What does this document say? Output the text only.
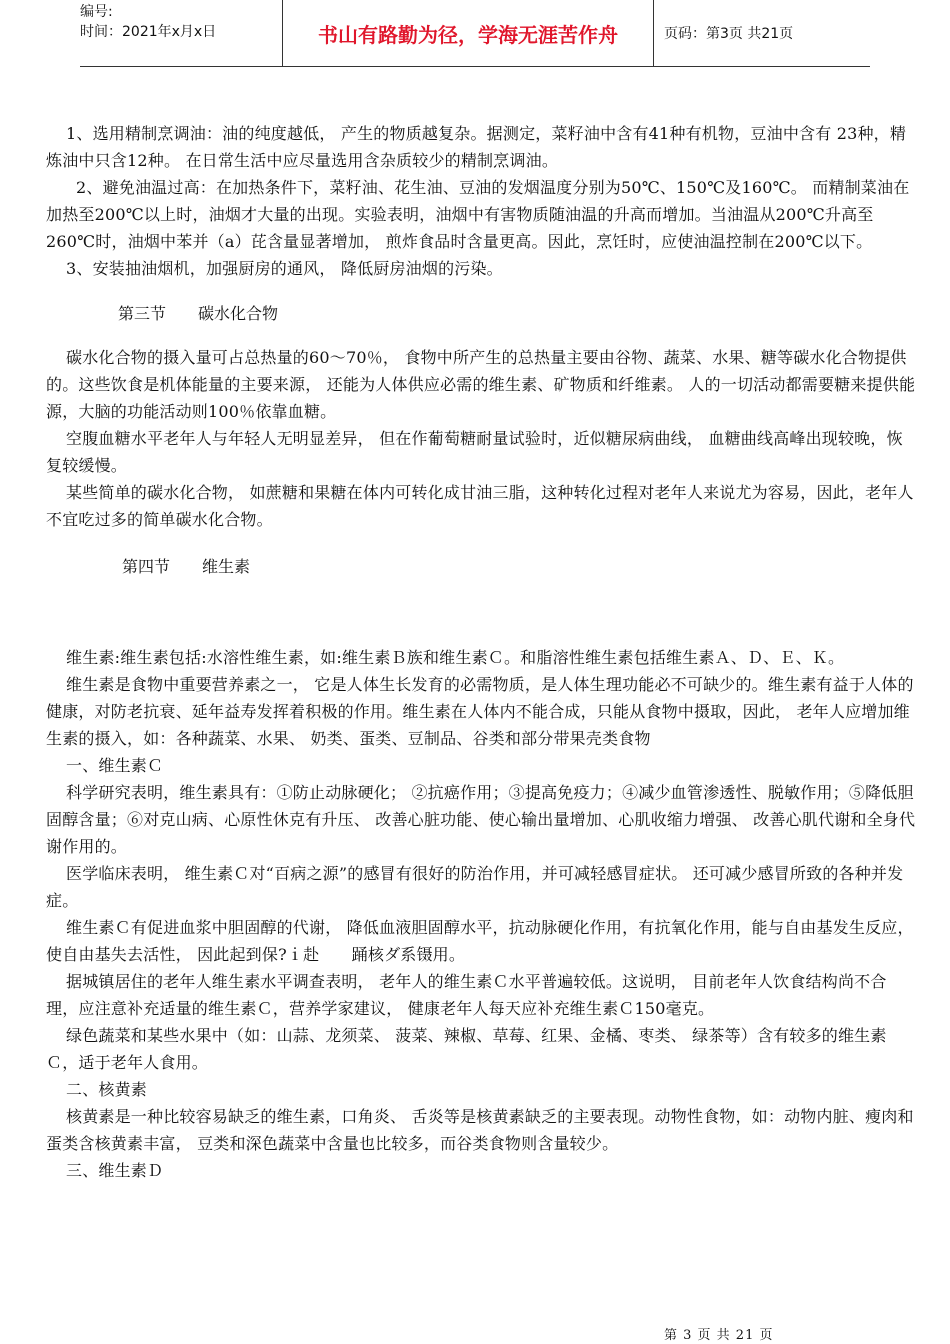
编号:
时间：2021年x月x日	书山有路勤为径，学海无涯苦作舟	页码：第3页 共21页

1、选用精制烹调油：油的纯度越低， 产生的物质越复杂。据测定，菜籽油中含有41种有机物，豆油中含有 23种，精炼油中只含12种。 在日常生活中应尽量选用含杂质较少的精制烹调油。

2、避免油温过高：在加热条件下，菜籽油、花生油、豆油的发烟温度分别为50℃、150℃及160℃。 而精制菜油在加热至200℃以上时，油烟才大量的出现。实验表明，油烟中有害物质随油温的升高而增加。当油温从200℃升高至260℃时，油烟中苯并（a）芘含量显著增加， 煎炸食品时含量更高。因此，烹饪时，应使油温控制在200℃以下。

3、安装抽油烟机，加强厨房的通风， 降低厨房油烟的污染。

第三节　　碳水化合物

碳水化合物的摄入量可占总热量的60～70％， 食物中所产生的总热量主要由谷物、蔬菜、水果、糖等碳水化合物提供的。这些饮食是机体能量的主要来源， 还能为人体供应必需的维生素、矿物质和纤维素。 人的一切活动都需要糖来提供能源，大脑的功能活动则100％依靠血糖。

空腹血糖水平老年人与年轻人无明显差异， 但在作葡萄糖耐量试验时，近似糖尿病曲线， 血糖曲线高峰出现较晚，恢复较缓慢。

某些简单的碳水化合物， 如蔗糖和果糖在体内可转化成甘油三脂，这种转化过程对老年人来说尤为容易，因此，老年人不宜吃过多的简单碳水化合物。

第四节　　维生素

维生素:维生素包括:水溶性维生素，如:维生素Ｂ族和维生素Ｃ。和脂溶性维生素包括维生素Ａ、Ｄ、Ｅ、Ｋ。

维生素是食物中重要营养素之一， 它是人体生长发育的必需物质，是人体生理功能必不可缺少的。维生素有益于人体的健康，对防老抗衰、延年益寿发挥着积极的作用。维生素在人体内不能合成，只能从食物中摄取，因此， 老年人应增加维生素的摄入，如：各种蔬菜、水果、 奶类、蛋类、豆制品、谷类和部分带果壳类食物

一、维生素Ｃ

科学研究表明，维生素具有：①防止动脉硬化； ②抗癌作用；③提高免疫力；④减少血管渗透性、脱敏作用；⑤降低胆固醇含量；⑥对克山病、心原性休克有升压、 改善心脏功能、使心输出量增加、心肌收缩力增强、 改善心肌代谢和全身代谢作用的。

医学临床表明， 维生素Ｃ对“百病之源”的感冒有很好的防治作用，并可减轻感冒症状。 还可减少感冒所致的各种并发症。

维生素Ｃ有促进血浆中胆固醇的代谢， 降低血液胆固醇水平，抗动脉硬化作用，有抗氧化作用，能与自由基发生反应，使自由基失去活性， 因此起到保?ｉ赴　　踊核ダ系镊用。

据城镇居住的老年人维生素水平调查表明， 老年人的维生素Ｃ水平普遍较低。这说明， 目前老年人饮食结构尚不合理，应注意补充适量的维生素Ｃ，营养学家建议， 健康老年人每天应补充维生素Ｃ150毫克。

绿色蔬菜和某些水果中（如：山蒜、龙须菜、 菠菜、辣椒、草莓、红果、金橘、枣类、 绿茶等）含有较多的维生素Ｃ，适于老年人食用。

二、核黄素

核黄素是一种比较容易缺乏的维生素，口角炎、 舌炎等是核黄素缺乏的主要表现。动物性食物，如：动物内脏、瘦肉和蛋类含核黄素丰富， 豆类和深色蔬菜中含量也比较多，而谷类食物则含量较少。

三、维生素Ｄ

第 3 页 共 21 页
